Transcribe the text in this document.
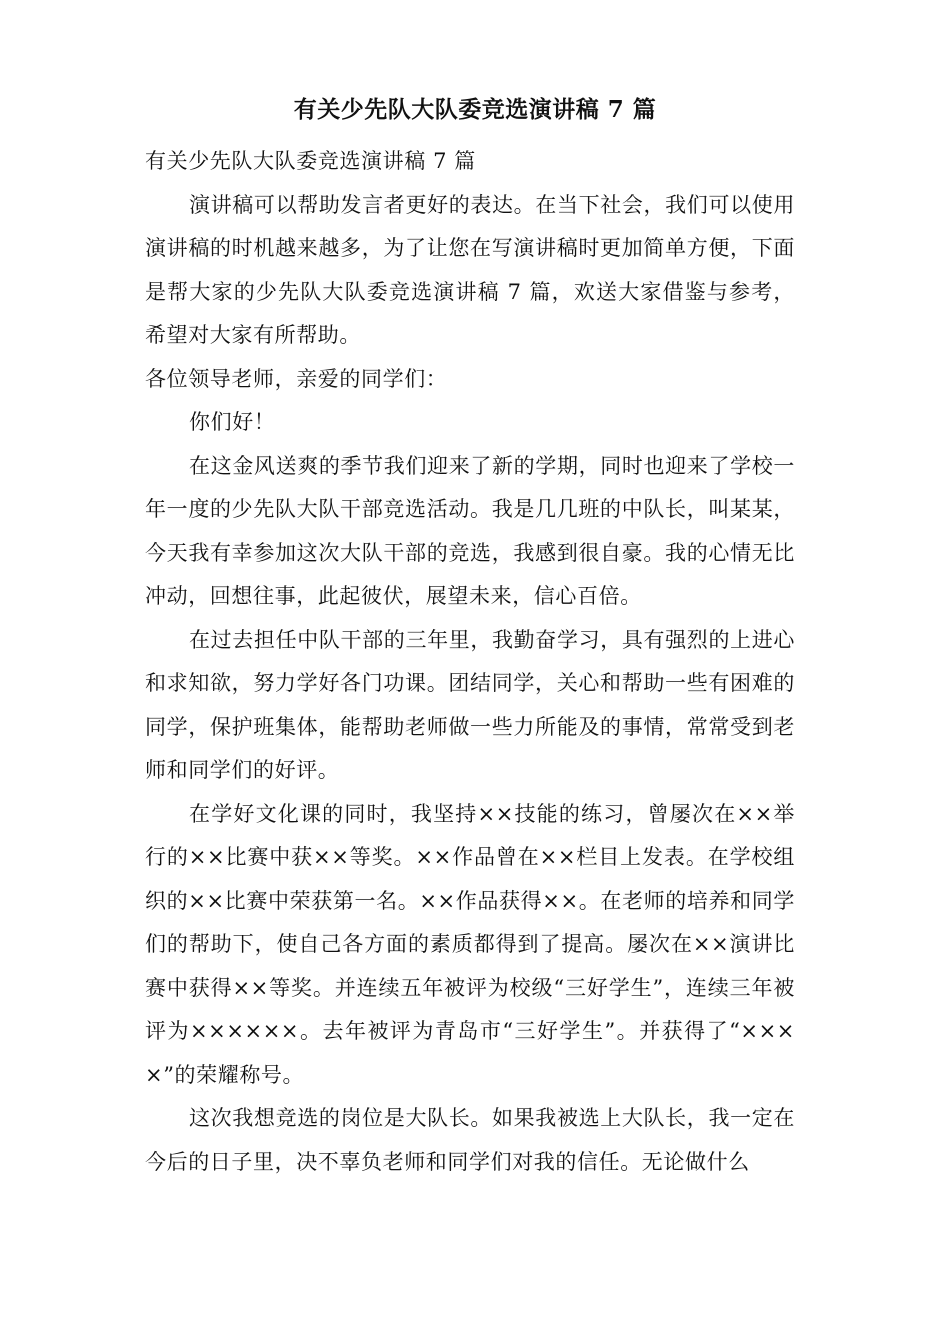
有关少先队大队委竞选演讲稿 7 篇

有关少先队大队委竞选演讲稿 7 篇

演讲稿可以帮助发言者更好的表达。在当下社会，我们可以使用演讲稿的时机越来越多，为了让您在写演讲稿时更加简单方便，下面是帮大家的少先队大队委竞选演讲稿 7 篇，欢送大家借鉴与参考，希望对大家有所帮助。

各位领导老师，亲爱的同学们：

你们好！

在这金风送爽的季节我们迎来了新的学期，同时也迎来了学校一年一度的少先队大队干部竞选活动。我是几几班的中队长，叫某某，今天我有幸参加这次大队干部的竞选，我感到很自豪。我的心情无比冲动，回想往事，此起彼伏，展望未来，信心百倍。

在过去担任中队干部的三年里，我勤奋学习，具有强烈的上进心和求知欲，努力学好各门功课。团结同学，关心和帮助一些有困难的同学，保护班集体，能帮助老师做一些力所能及的事情，常常受到老师和同学们的好评。

在学好文化课的同时，我坚持××技能的练习，曾屡次在××举行的××比赛中获××等奖。××作品曾在××栏目上发表。在学校组织的××比赛中荣获第一名。××作品获得××。在老师的培养和同学们的帮助下，使自己各方面的素质都得到了提高。屡次在××演讲比赛中获得××等奖。并连续五年被评为校级“三好学生”，连续三年被评为××××××。去年被评为青岛市“三好学生”。并获得了“××××”的荣耀称号。

这次我想竞选的岗位是大队长。如果我被选上大队长，我一定在今后的日子里，决不辜负老师和同学们对我的信任。无论做什么
